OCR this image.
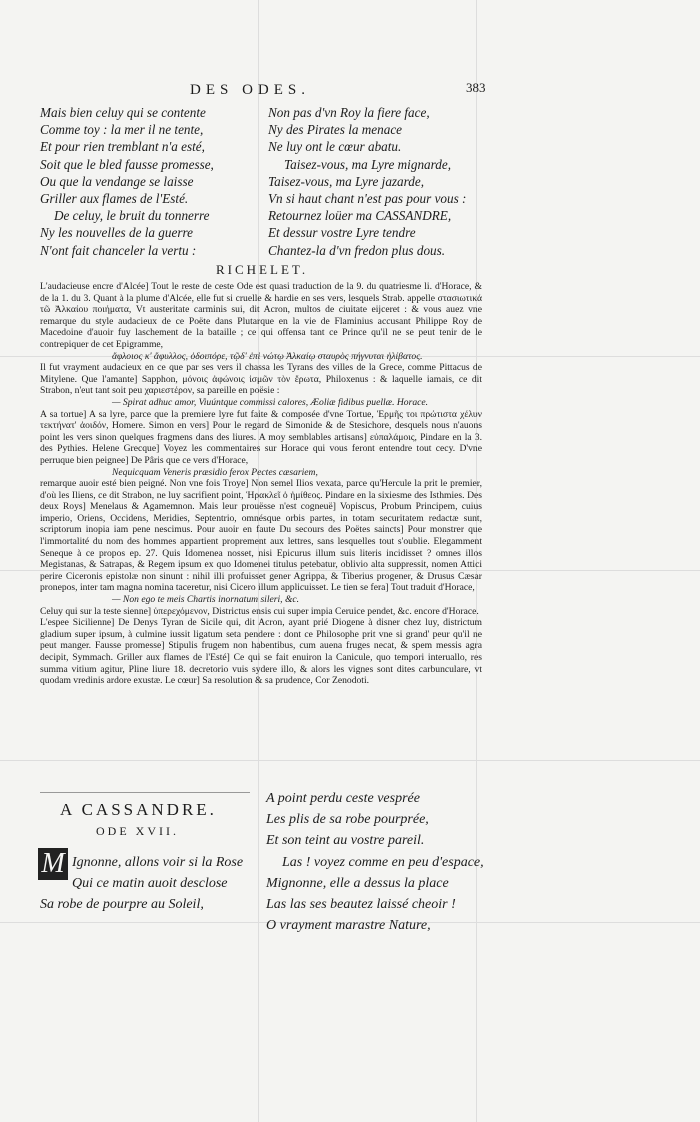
DES ODES.	383
Mais bien celuy qui se contente
Comme toy : la mer il ne tente,
Et pour rien tremblant n'a esté,
Soit que le bled fausse promesse,
Ou que la vendange se laisse
Griller aux flames de l'Esté.
De celuy, le bruit du tonnerre
Ny les nouvelles de la guerre
N'ont fait chanceler la vertu :
Non pas d'vn Roy la fiere face,
Ny des Pirates la menace
Ne luy ont le cœur abatu.
Taisez-vous, ma Lyre mignarde,
Taisez-vous, ma Lyre jazarde,
Vn si haut chant n'est pas pour vous :
Retournez loüer ma CASSANDRE,
Et dessur vostre Lyre tendre
Chantez-la d'vn fredon plus dous.
RICHELET.

L'audacieuse encre d'Alcée] Tout le reste de ceste Ode est quasi traduction de la 9. du quatriesme li. d'Horace, & de la 1. du 3. Quant à la plume d'Alcée, elle fut si cruelle & hardie en ses vers, lesquels Strab. appelle στασιωτικά τῶ Ἀλκαίου ποιήματα, Vt austeritate carminis sui, dit Acron, multos de ciuitate eijceret : & vous auez vne remarque du style audacieux de ce Poëte dans Plutarque en la vie de Flaminius accusant Philippe Roy de Macedoine d'auoir fuy laschement de la bataille ; ce qui offensa tant ce Prince qu'il ne se peut tenir de le contrepiquer de cet Epigramme,

ἄφλοιος κ' ἄφυλλος, ὁδοιπόρε, τῷδ' ἐπὶ νώτῳ Ἀλκαίῳ σταυρὸς πήγνυται ἠλίβατος.

Il fut vrayment audacieux en ce que par ses vers il chassa les Tyrans des villes de la Grece, comme Pittacus de Mitylene. Que l'amante] Sapphon, μόνοις ἀφώνοις ἰσμῶν τὸν ἔρωτα, Philoxenus : & laquelle iamais, ce dit Strabon, n'eut tant soit peu χαριεστέρον, sa pareille en poësie :

— Spirat adhuc amor, Viuúntque commissi calores, Æoliæ fidibus puellæ. Horace.

A sa tortue] A sa lyre, parce que la premiere lyre fut faite & composée d'vne Tortue, Ἑρμῆς τοι πρώτιστα χέλυν τεκτήνατ' ἀοιδόν, Homere. Simon en vers] Pour le regard de Simonide & de Stesichore, desquels nous n'auons point les vers sinon quelques fragmens dans des liures. A moy semblables artisans] εὐπαλάμοις, Pindare en la 3. des Pythies. Helene Grecque] Voyez les commentaires sur Horace qui vous feront entendre tout cecy. D'vne perruque bien peignee] De Pâris que ce vers d'Horace,

Nequicquam Veneris præsidio ferox Pectes cæsariem,

remarque auoir esté bien peigné. Non vne fois Troye] Non semel Ilios vexata, parce qu'Hercule la prit le premier, d'où les Iliens, ce dit Strabon, ne luy sacrifient point, Ἡρακλεῖ ὁ ἠμίθεος. Pindare en la sixiesme des Isthmies. Des deux Roys] Menelaus & Agamemnon. Mais leur prouësse n'est cogneuë] Vopiscus, Probum Principem, cuius imperio, Oriens, Occidens, Meridies, Septentrio, omnésque orbis partes, in totam securitatem redactæ sunt, scriptorum inopia iam pene nescimus. Pour auoir en faute Du secours des Poëtes saincts] Pour monstrer que l'immortalité du nom des hommes appartient proprement aux lettres, sans lesquelles tout s'oublie. Elegamment Seneque à ce propos ep. 27. Quis Idomenea nosset, nisi Epicurus illum suis literis incidisset ? omnes illos Megistanas, & Satrapas, & Regem ipsum ex quo Idomenei titulus petebatur, oblivio alta suppressit, nomen Attici perire Ciceronis epistolæ non sinunt : nihil illi profuisset gener Agrippa, & Tiberius progener, & Drusus Cæsar pronepos, inter tam magna nomina taceretur, nisi Cicero illum applicuisset. Le tien se fera] Tout traduit d'Horace,

— Non ego te meis Chartis inornatum sileri, &c.

Celuy qui sur la teste sienne] ὑπερεχόμενον, Districtus ensis cui super impia Ceruice pendet, &c. encore d'Horace.

L'espee Sicilienne] De Denys Tyran de Sicile qui, dit Acron, ayant prié Diogene à disner chez luy, districtum gladium super ipsum, à culmine iussit ligatum seta pendere : dont ce Philosophe prit vne si grand' peur qu'il ne peut manger. Fausse promesse] Stipulis frugem non habentibus, cum auena fruges necat, & spem messis agra decipit, Symmach. Griller aux flames de l'Esté] Ce qui se fait enuiron la Canicule, quo tempori interuallo, res summa vitium agitur, Pline liure 18. decretorio vuis sydere illo, & alors les vignes sont dites carbunculare, vt quodam vredinis ardore exustæ. Le cœur] Sa resolution & sa prudence, Cor Zenodoti.

A CASSANDRE.
ODE XVII.
M Ignonne, allons voir si la Rose
Qui ce matin auoit desclose
Sa robe de pourpre au Soleil,
A point perdu ceste vesprée
Les plis de sa robe pourprée,
Et son teint au vostre pareil.
Las ! voyez comme en peu d'espace,
Mignonne, elle a dessus la place
Las las ses beautez laissé cheoir !
O vrayment marastre Nature,
